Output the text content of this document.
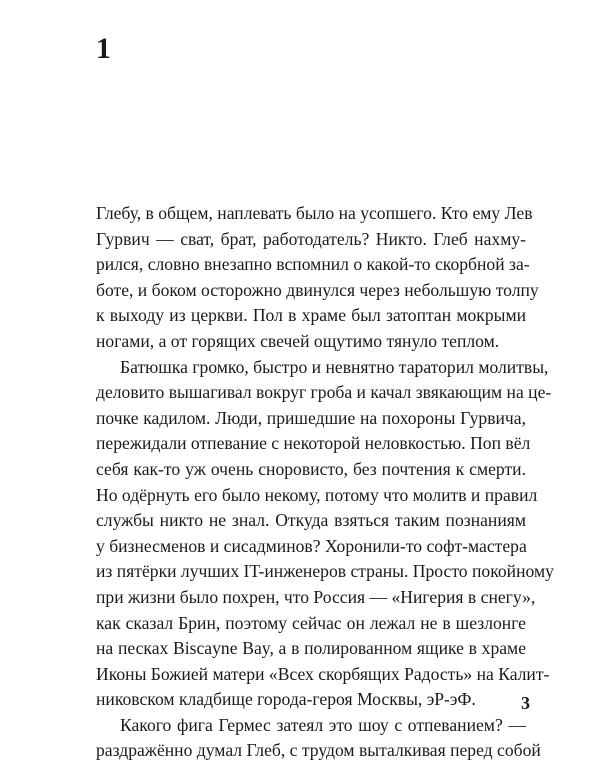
1
Глебу, в общем, наплевать было на усопшего. Кто ему Лев
Гурвич — сват, брат, работодатель? Никто. Глеб нахму-
рился, словно внезапно вспомнил о какой-то скорбной за-
боте, и боком осторожно двинулся через небольшую толпу
к выходу из церкви. Пол в храме был затоптан мокрыми
ногами, а от горящих свечей ощутимо тянуло теплом.
Батюшка громко, быстро и невнятно тараторил молитвы,
деловито вышагивал вокруг гроба и качал звякающим на це-
почке кадилом. Люди, пришедшие на похороны Гурвича,
пережидали отпевание с некоторой неловкостью. Поп вёл
себя как-то уж очень сноровисто, без почтения к смерти.
Но одёрнуть его было некому, потому что молитв и правил
службы никто не знал. Откуда взяться таким познаниям
у бизнесменов и сисадминов? Хоронили-то софт-мастера
из пятёрки лучших IT-инженеров страны. Просто покойному
при жизни было похрен, что Россия — «Нигерия в снегу»,
как сказал Брин, поэтому сейчас он лежал не в шезлонге
на песках Biscayne Bay, а в полированном ящике в храме
Иконы Божией матери «Всех скорбящих Радость» на Калит-
никовском кладбище города-героя Москвы, эР-эФ.
Какого фига Гермес затеял это шоу с отпеванием? —
раздражённо думал Глеб, с трудом выталкивая перед собой
3
